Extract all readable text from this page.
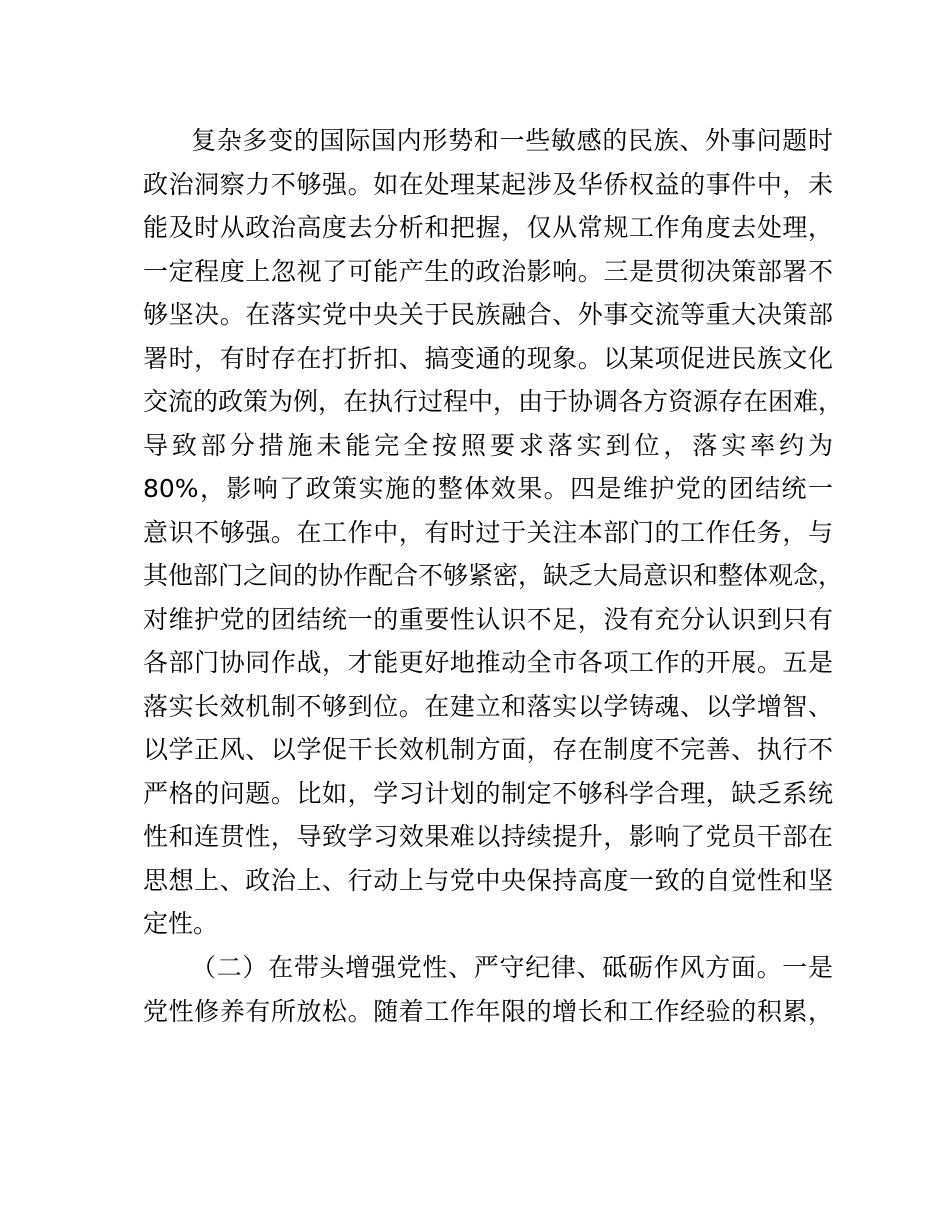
复杂多变的国际国内形势和一些敏感的民族、外事问题时
政治洞察力不够强。如在处理某起涉及华侨权益的事件中，未
能及时从政治高度去分析和把握，仅从常规工作角度去处理，
一定程度上忽视了可能产生的政治影响。三是贯彻决策部署不
够坚决。在落实党中央关于民族融合、外事交流等重大决策部
署时，有时存在打折扣、搞变通的现象。以某项促进民族文化
交流的政策为例，在执行过程中，由于协调各方资源存在困难，
导致部分措施未能完全按照要求落实到位，落实率约为
80%，影响了政策实施的整体效果。四是维护党的团结统一
意识不够强。在工作中，有时过于关注本部门的工作任务，与
其他部门之间的协作配合不够紧密，缺乏大局意识和整体观念，
对维护党的团结统一的重要性认识不足，没有充分认识到只有
各部门协同作战，才能更好地推动全市各项工作的开展。五是
落实长效机制不够到位。在建立和落实以学铸魂、以学增智、
以学正风、以学促干长效机制方面，存在制度不完善、执行不
严格的问题。比如，学习计划的制定不够科学合理，缺乏系统
性和连贯性，导致学习效果难以持续提升，影响了党员干部在
思想上、政治上、行动上与党中央保持高度一致的自觉性和坚
定性。
（二）在带头增强党性、严守纪律、砥砺作风方面。一是
党性修养有所放松。随着工作年限的增长和工作经验的积累，
